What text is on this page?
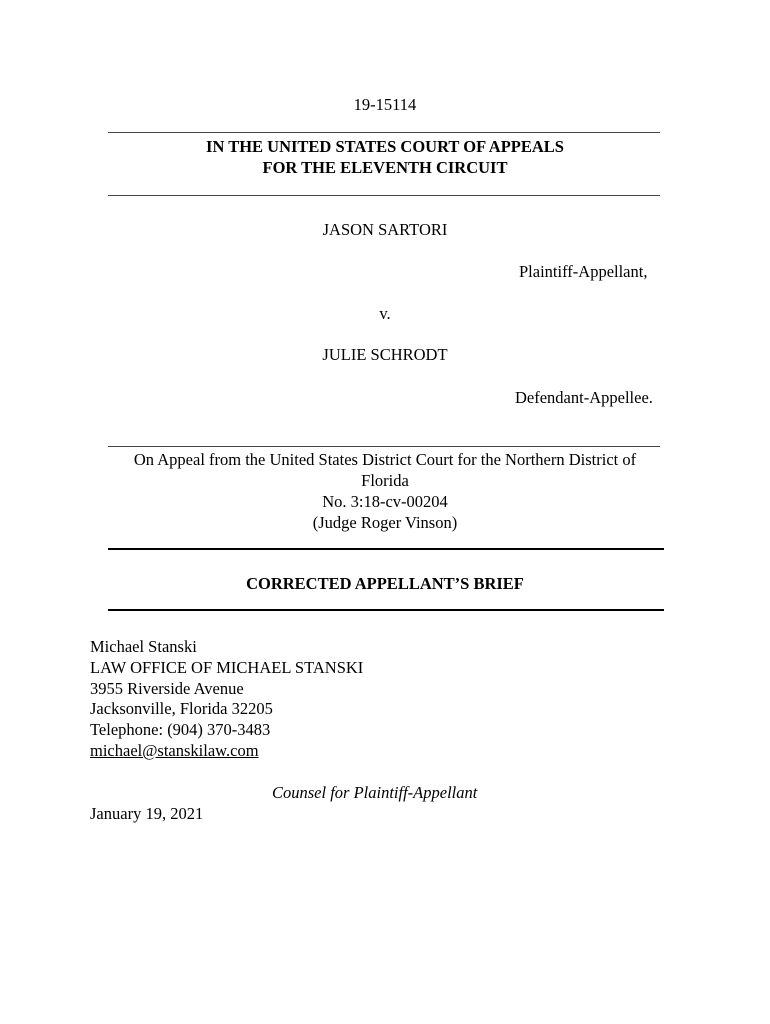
19-15114
IN THE UNITED STATES COURT OF APPEALS
FOR THE ELEVENTH CIRCUIT
JASON SARTORI
Plaintiff-Appellant,
v.
JULIE SCHRODT
Defendant-Appellee.
On Appeal from the United States District Court for the Northern District of
Florida
No. 3:18-cv-00204
(Judge Roger Vinson)
CORRECTED APPELLANT’S BRIEF
Michael Stanski
LAW OFFICE OF MICHAEL STANSKI
3955 Riverside Avenue
Jacksonville, Florida 32205
Telephone: (904) 370-3483
michael@stanskilaw.com
Counsel for Plaintiff-Appellant
January 19, 2021
